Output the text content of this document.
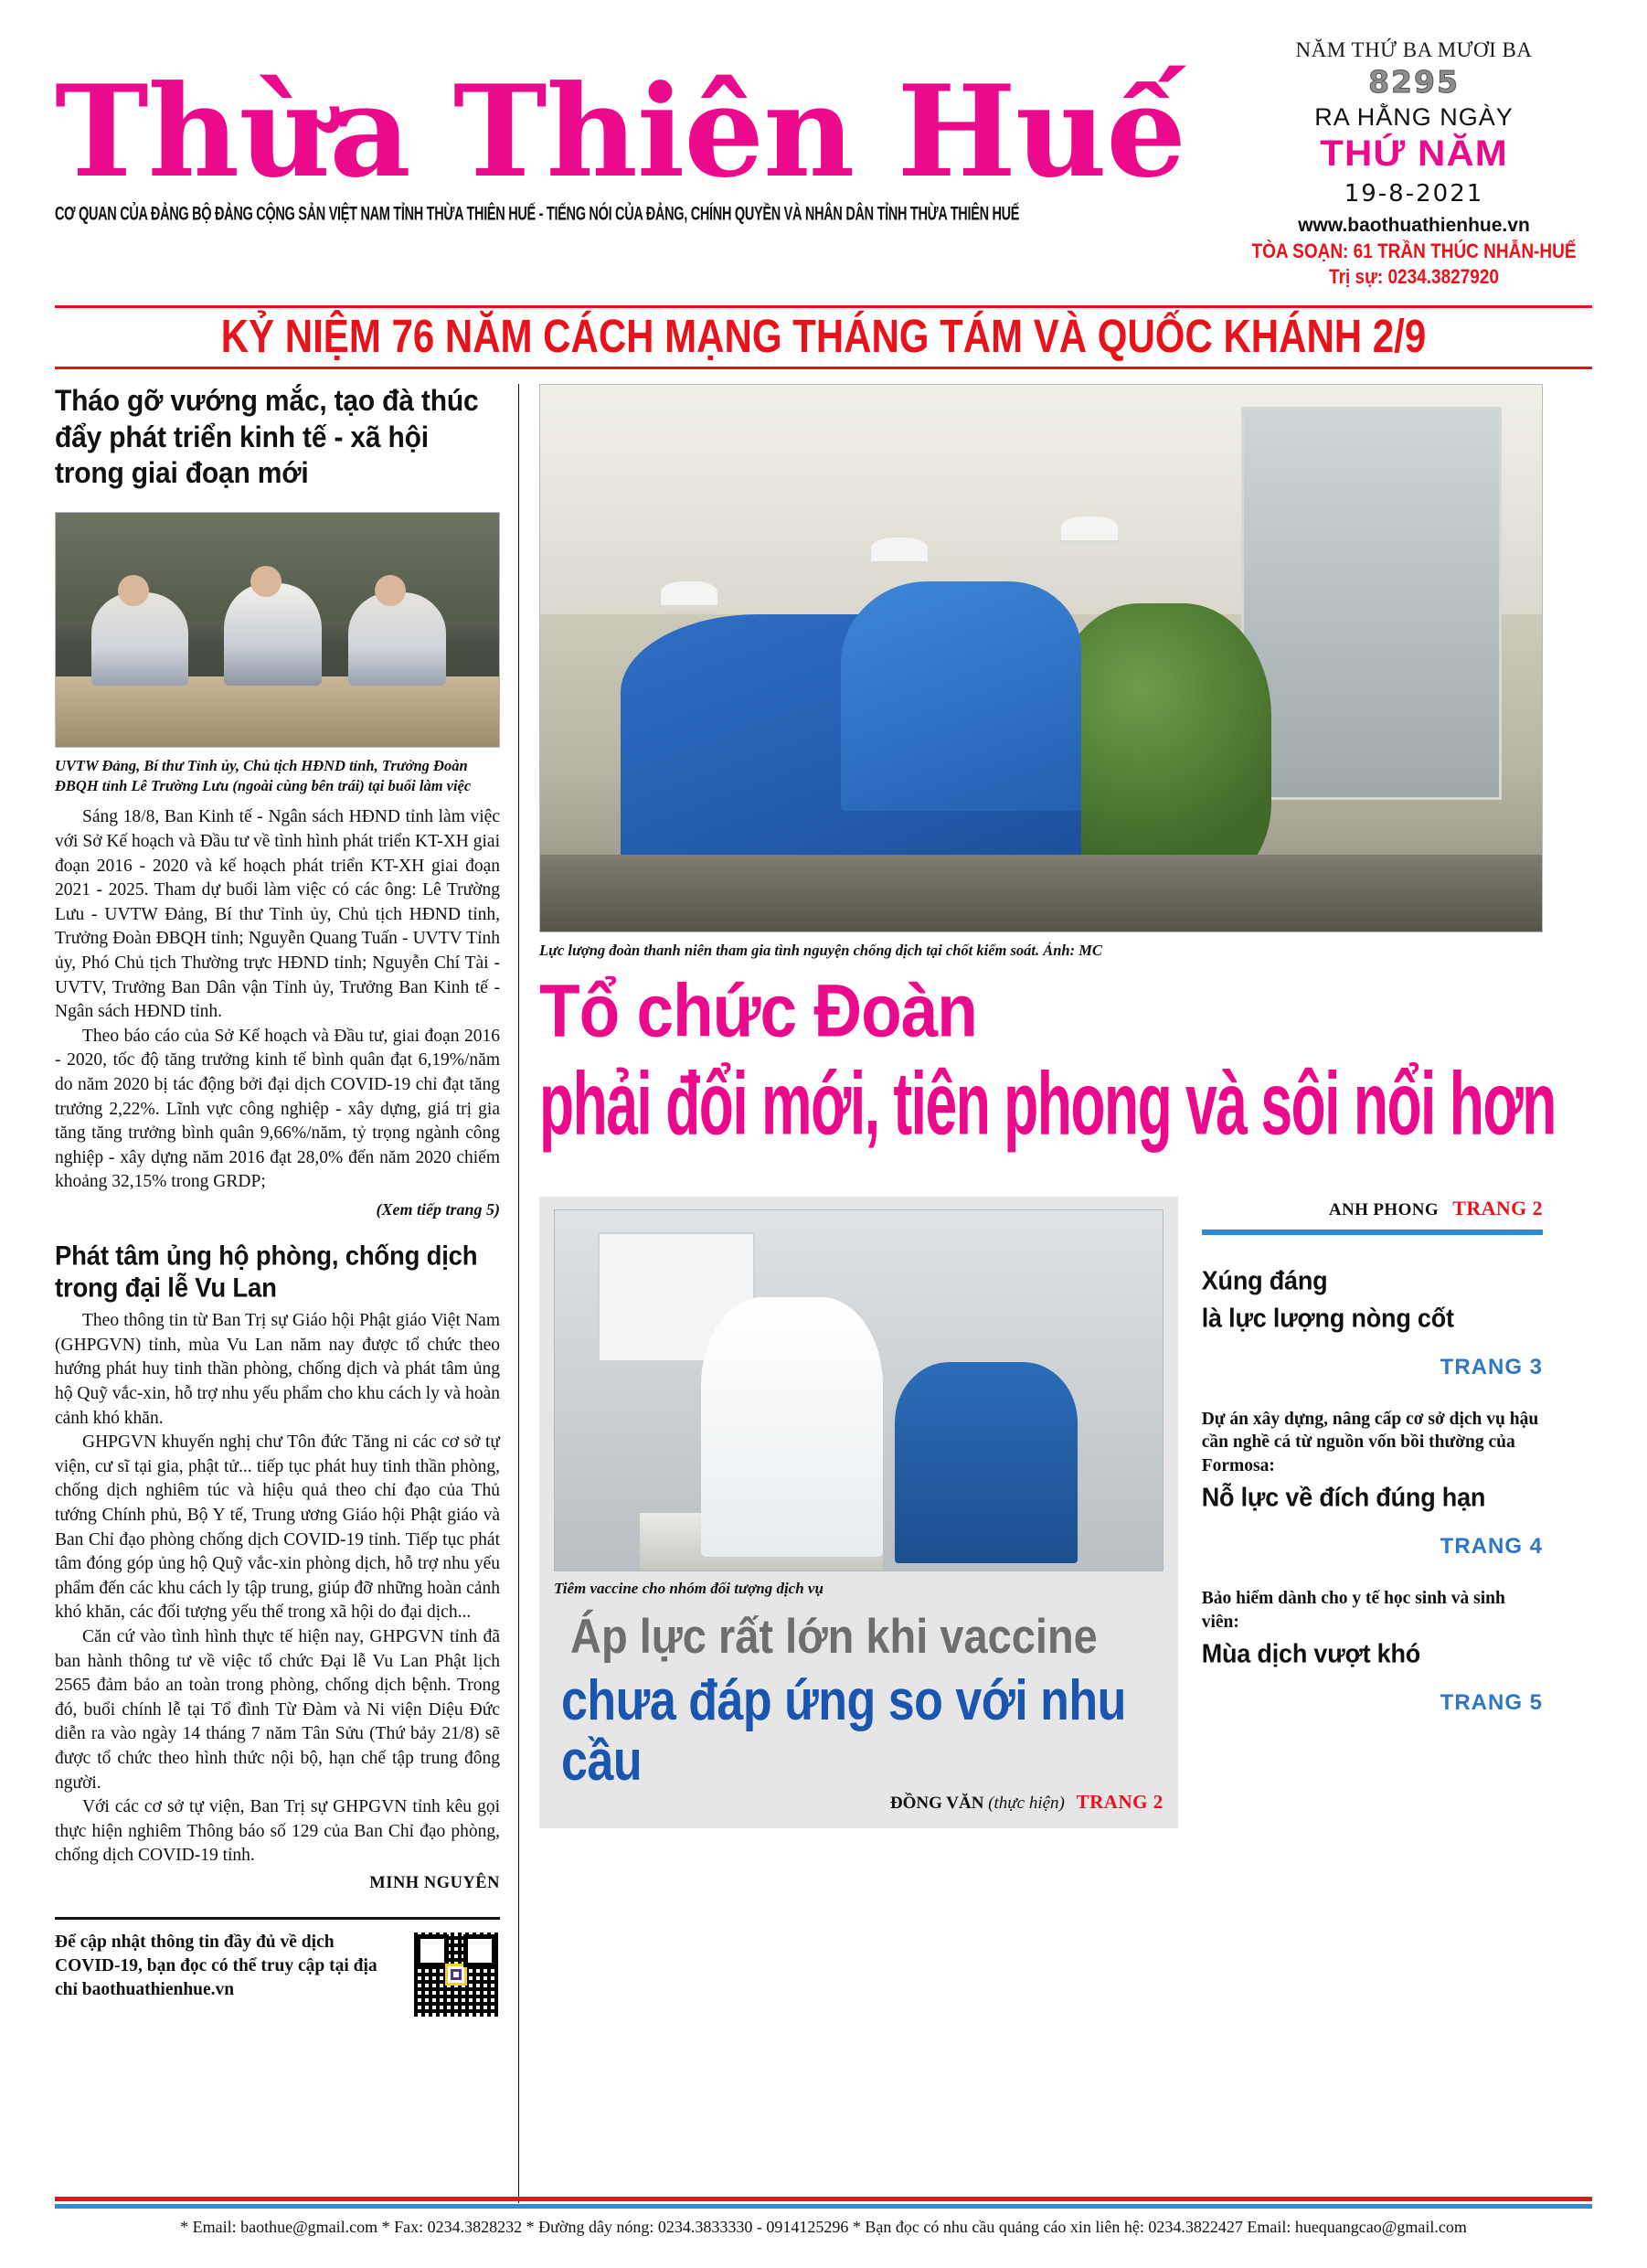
Thừa Thiên Huế
CƠ QUAN CỦA ĐẢNG BỘ ĐẢNG CỘNG SẢN VIỆT NAM TỈNH THỪA THIÊN HUẾ - TIẾNG NÓI CỦA ĐẢNG, CHÍNH QUYỀN VÀ NHÂN DÂN TỈNH THỪA THIÊN HUẾ
NĂM THỨ BA MƯƠI BA
8295
RA HẰNG NGÀY
THỨ NĂM
19-8-2021
www.baothuathienhue.vn
TÒA SOẠN: 61 TRẦN THÚC NHẪN-HUẾ
Trị sự: 0234.3827920
KỶ NIỆM 76 NĂM CÁCH MẠNG THÁNG TÁM VÀ QUỐC KHÁNH 2/9
Tháo gỡ vướng mắc, tạo đà thúc đẩy phát triển kinh tế - xã hội trong giai đoạn mới
UVTW Đảng, Bí thư Tỉnh ủy, Chủ tịch HĐND tỉnh, Trưởng Đoàn ĐBQH tỉnh Lê Trường Lưu (ngoài cùng bên trái) tại buổi làm việc

Sáng 18/8, Ban Kinh tế - Ngân sách HĐND tỉnh làm việc với Sở Kế hoạch và Đầu tư về tình hình phát triển KT-XH giai đoạn 2016 - 2020 và kế hoạch phát triển KT-XH giai đoạn 2021 - 2025. Tham dự buổi làm việc có các ông: Lê Trường Lưu - UVTW Đảng, Bí thư Tỉnh ủy, Chủ tịch HĐND tỉnh, Trưởng Đoàn ĐBQH tỉnh; Nguyễn Quang Tuấn - UVTV Tỉnh ủy, Phó Chủ tịch Thường trực HĐND tỉnh; Nguyễn Chí Tài - UVTV, Trưởng Ban Dân vận Tỉnh ủy, Trưởng Ban Kinh tế - Ngân sách HĐND tỉnh.

Theo báo cáo của Sở Kế hoạch và Đầu tư, giai đoạn 2016 - 2020, tốc độ tăng trưởng kinh tế bình quân đạt 6,19%/năm do năm 2020 bị tác động bởi đại dịch COVID-19 chỉ đạt tăng trưởng 2,22%. Lĩnh vực công nghiệp - xây dựng, giá trị gia tăng tăng trưởng bình quân 9,66%/năm, tỷ trọng ngành công nghiệp - xây dựng năm 2016 đạt 28,0% đến năm 2020 chiếm khoảng 32,15% trong GRDP;

(Xem tiếp trang 5)
Phát tâm ủng hộ phòng, chống dịch trong đại lễ Vu Lan

Theo thông tin từ Ban Trị sự Giáo hội Phật giáo Việt Nam (GHPGVN) tỉnh, mùa Vu Lan năm nay được tổ chức theo hướng phát huy tinh thần phòng, chống dịch và phát tâm ủng hộ Quỹ vắc-xin, hỗ trợ nhu yếu phẩm cho khu cách ly và hoàn cảnh khó khăn.

GHPGVN khuyến nghị chư Tôn đức Tăng ni các cơ sở tự viện, cư sĩ tại gia, phật tử... tiếp tục phát huy tinh thần phòng, chống dịch nghiêm túc và hiệu quả theo chỉ đạo của Thủ tướng Chính phủ, Bộ Y tế, Trung ương Giáo hội Phật giáo và Ban Chỉ đạo phòng chống dịch COVID-19 tỉnh. Tiếp tục phát tâm đóng góp ủng hộ Quỹ vắc-xin phòng dịch, hỗ trợ nhu yếu phẩm đến các khu cách ly tập trung, giúp đỡ những hoàn cảnh khó khăn, các đối tượng yếu thế trong xã hội do đại dịch...

Căn cứ vào tình hình thực tế hiện nay, GHPGVN tỉnh đã ban hành thông tư về việc tổ chức Đại lễ Vu Lan Phật lịch 2565 đảm bảo an toàn trong phòng, chống dịch bệnh. Trong đó, buổi chính lễ tại Tổ đình Từ Đàm và Ni viện Diệu Đức diễn ra vào ngày 14 tháng 7 năm Tân Sửu (Thứ bảy 21/8) sẽ được tổ chức theo hình thức nội bộ, hạn chế tập trung đông người.

Với các cơ sở tự viện, Ban Trị sự GHPGVN tỉnh kêu gọi thực hiện nghiêm Thông báo số 129 của Ban Chỉ đạo phòng, chống dịch COVID-19 tỉnh.

MINH NGUYÊN
Để cập nhật thông tin đầy đủ về dịch COVID-19, bạn đọc có thể truy cập tại địa chỉ baothuathienhue.vn
Lực lượng đoàn thanh niên tham gia tình nguyện chống dịch tại chốt kiểm soát. Ảnh: MC
Tổ chức Đoàn
phải đổi mới, tiên phong và sôi nổi hơn
Tiêm vaccine cho nhóm đối tượng dịch vụ
Áp lực rất lớn khi vaccine
chưa đáp ứng so với nhu cầu
ĐỒNG VĂN (thực hiện) TRANG 2
ANH PHONG TRANG 2
Xúng đáng
là lực lượng nòng cốt
TRANG 3
Dự án xây dựng, nâng cấp cơ sở dịch vụ hậu cần nghề cá từ nguồn vốn bồi thường của Formosa:
Nỗ lực về đích đúng hạn
TRANG 4
Bảo hiểm dành cho y tế học sinh và sinh viên:
Mùa dịch vượt khó
TRANG 5
* Email: baothue@gmail.com * Fax: 0234.3828232 * Đường dây nóng: 0234.3833330 - 0914125296 * Bạn đọc có nhu cầu quảng cáo xin liên hệ: 0234.3822427 Email: huequangcao@gmail.com
